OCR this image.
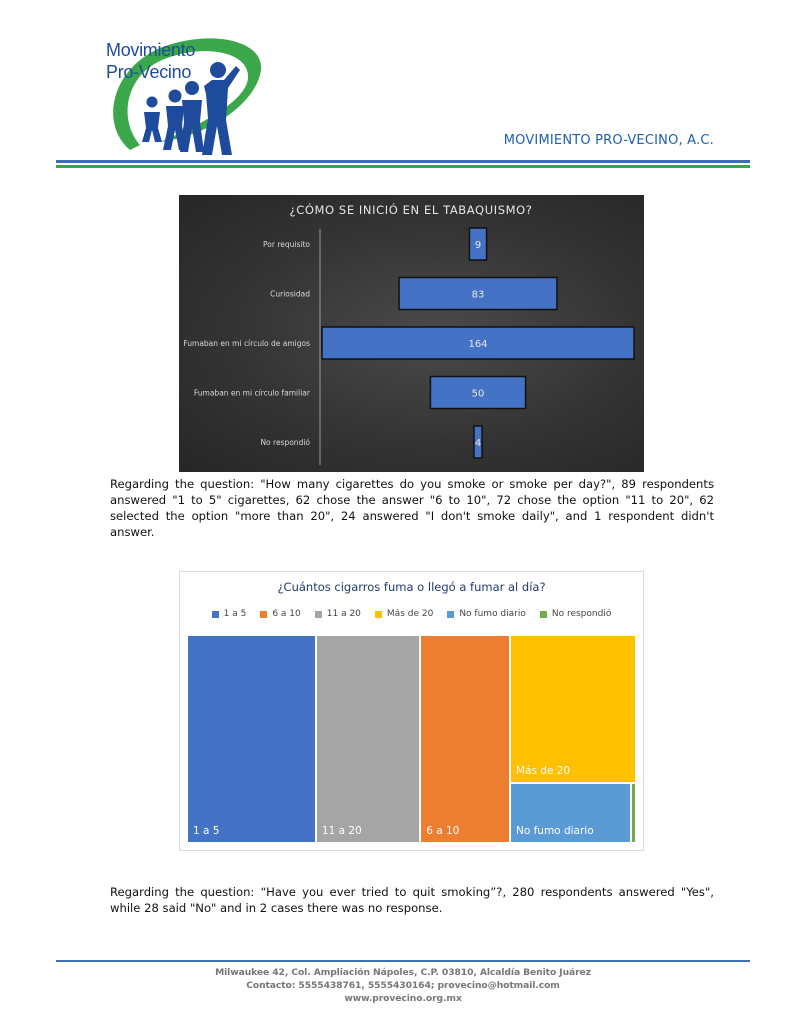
Movimiento
Pro-Vecino
MOVIMIENTO PRO-VECINO, A.C.
¿CÓMO SE INICIÓ EN EL TABAQUISMO?
Por requisito	9
Curiosidad	83
Fumaban en mi círculo de amigos	164
Fumaban en mi círculo familiar	50
No respondió	4
Regarding the question: "How many cigarettes do you smoke or smoke per day?", 89 respondents answered "1 to 5" cigarettes, 62 chose the answer "6 to 10", 72 chose the option "11 to 20", 62 selected the option "more than 20", 24 answered "I don't smoke daily", and 1 respondent didn't answer.
¿Cuántos cigarros fuma o llegó a fumar al día?
1 a 5	6 a 10	11 a 20	Más de 20	No fumo diario	No respondió
1 a 5	11 a 20	6 a 10
Más de 20
No fumo diario
Regarding the question: “Have you ever tried to quit smoking”?, 280 respondents answered "Yes", while 28 said "No" and in 2 cases there was no response.
Milwaukee 42, Col. Ampliación Nápoles, C.P. 03810, Alcaldía Benito Juárez
Contacto: 5555438761, 5555430164; provecino@hotmail.com
www.provecino.org.mx
